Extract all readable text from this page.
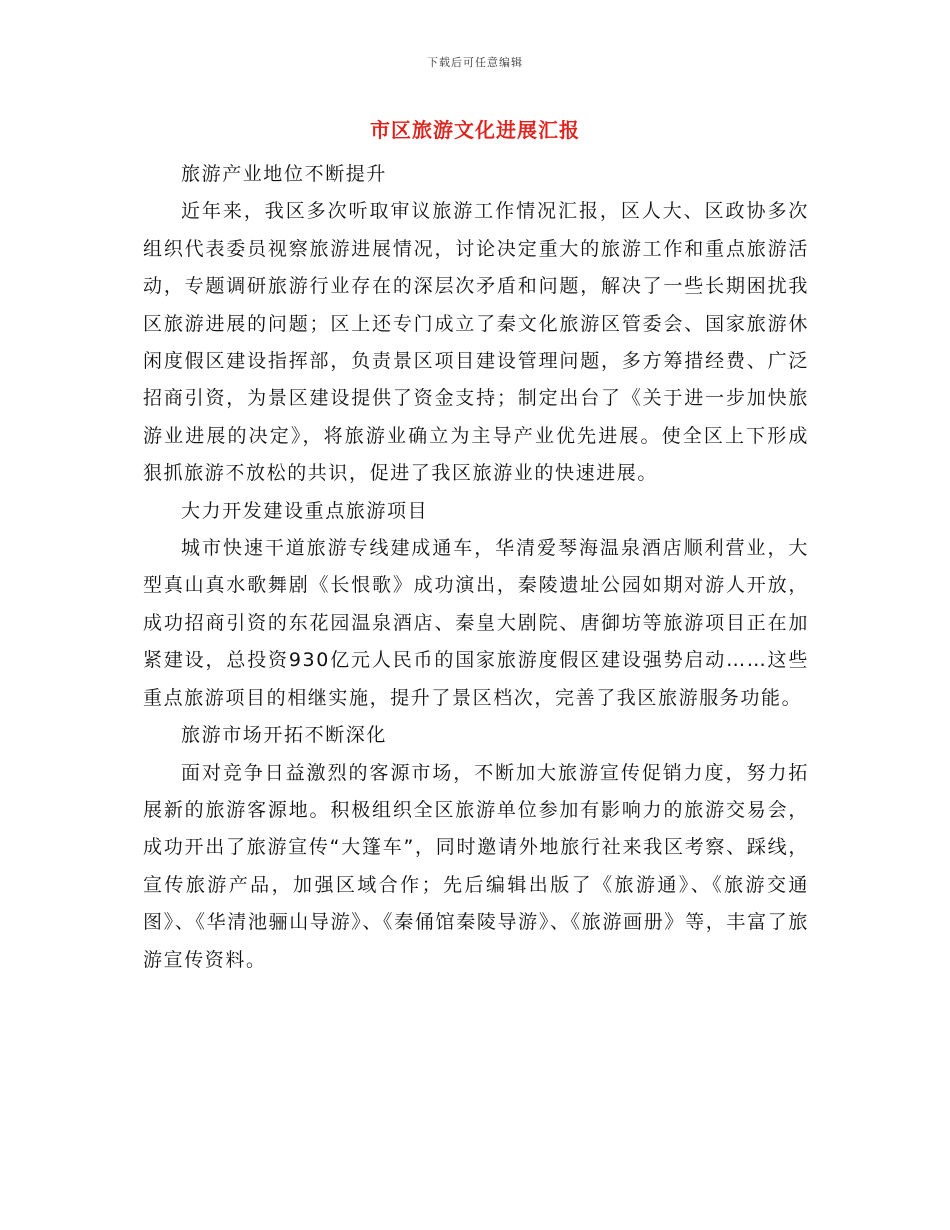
下载后可任意编辑
市区旅游文化进展汇报

旅游产业地位不断提升

近年来，我区多次听取审议旅游工作情况汇报，区人大、区政协多次组织代表委员视察旅游进展情况，讨论决定重大的旅游工作和重点旅游活动，专题调研旅游行业存在的深层次矛盾和问题，解决了一些长期困扰我区旅游进展的问题；区上还专门成立了秦文化旅游区管委会、国家旅游休闲度假区建设指挥部，负责景区项目建设管理问题，多方筹措经费、广泛招商引资，为景区建设提供了资金支持；制定出台了《关于进一步加快旅游业进展的决定》，将旅游业确立为主导产业优先进展。使全区上下形成狠抓旅游不放松的共识，促进了我区旅游业的快速进展。

大力开发建设重点旅游项目

城市快速干道旅游专线建成通车，华清爱琴海温泉酒店顺利营业，大型真山真水歌舞剧《长恨歌》成功演出，秦陵遗址公园如期对游人开放，成功招商引资的东花园温泉酒店、秦皇大剧院、唐御坊等旅游项目正在加紧建设，总投资930亿元人民币的国家旅游度假区建设强势启动……这些重点旅游项目的相继实施，提升了景区档次，完善了我区旅游服务功能。

旅游市场开拓不断深化

面对竞争日益激烈的客源市场，不断加大旅游宣传促销力度，努力拓展新的旅游客源地。积极组织全区旅游单位参加有影响力的旅游交易会，成功开出了旅游宣传“大篷车”，同时邀请外地旅行社来我区考察、踩线，宣传旅游产品，加强区域合作；先后编辑出版了《旅游通》、《旅游交通图》、《华清池骊山导游》、《秦俑馆秦陵导游》、《旅游画册》等，丰富了旅游宣传资料。
